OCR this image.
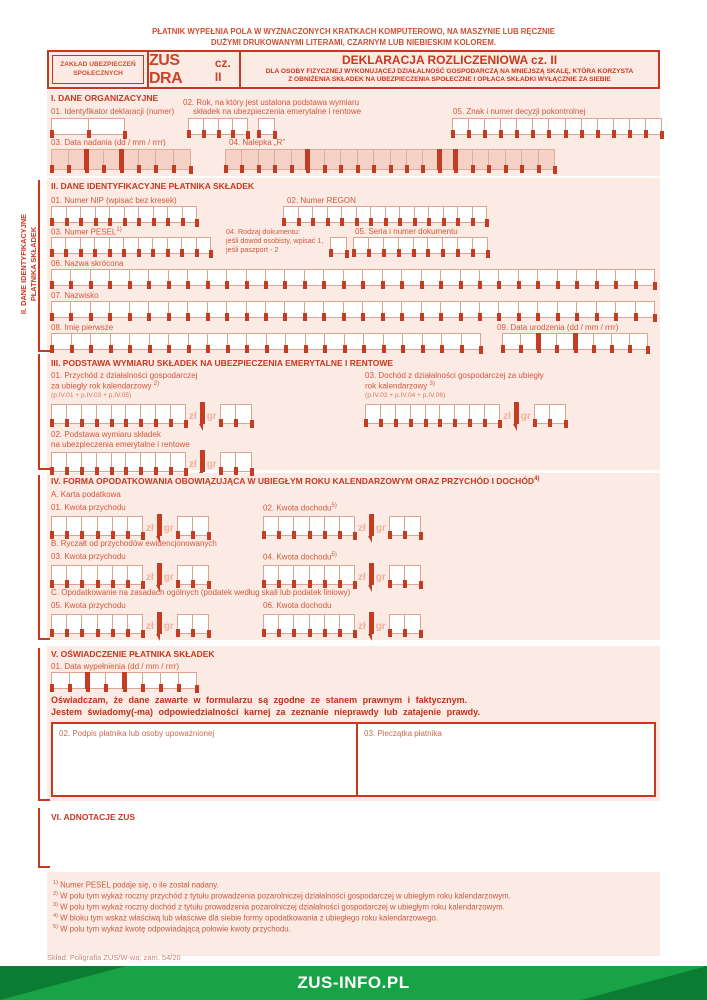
PŁATNIK WYPEŁNIA POLA W WYZNACZONYCH KRATKACH KOMPUTEROWO, NA MASZYNIE LUB RĘCZNIE
DUŻYMI DRUKOWANYMI LITERAMI, CZARNYM LUB NIEBIESKIM KOLOREM.
ZAKŁAD UBEZPIECZEŃ
SPOŁECZNYCH
ZUS DRA
cz. II
DEKLARACJA ROZLICZENIOWA cz. II
DLA OSOBY FIZYCZNEJ WYKONUJĄCEJ DZIAŁALNOŚĆ GOSPODARCZĄ NA MNIEJSZĄ SKALĘ, KTÓRA KORZYSTA
Z OBNIŻENIA SKŁADEK NA UBEZPIECZENIA SPOŁECZNE I OPŁACA SKŁADKI WYŁĄCZNIE ZA SIEBIE
I. DANE ORGANIZACYJNE
01. Identyfikator deklaracji (numer)
02. Rok, na który jest ustalona podstawa wymiaru
składek na ubezpieczenia emerytalne i rentowe	05. Znak i numer decyzji pokontrolnej
03. Data nadania (dd / mm / rrrr)	04. Nalepka „R”
II. DANE IDENTYFIKACYJNE PŁATNIKA SKŁADEK
II. DANE IDENTYFIKACYJNE PŁATNIKA SKŁADEK
01. Numer NIP (wpisać bez kresek)	02. Numer REGON
03. Numer PESEL$^{1)}$	04. Rodzaj dokumentu:
jeśli dowód osobisty, wpisać 1,
jeśli paszport - 2
05. Seria i numer dokumentu
06. Nazwa skrócona
07. Nazwisko
08. Imię pierwsze	09. Data urodzenia (dd / mm / rrrr)
III. PODSTAWA WYMIARU SKŁADEK NA UBEZPIECZENIA EMERYTALNE I RENTOWE
01. Przychód z działalności gospodarczej
za ubiegły rok kalendarzowy $^{2)}$
(p.IV.01 + p.IV.03 + p.IV.05)
zł gr
03. Dochód z działalności gospodarczej za ubiegły
rok kalendarzowy $^{3)}$
(p.IV.02 + p.IV.04 + p.IV.06)
zł gr
02. Podstawa wymiaru składek
na ubezpieczenia emerytalne i rentowe
zł gr
IV. FORMA OPODATKOWANIA OBOWIĄZUJĄCA W UBIEGŁYM ROKU KALENDARZOWYM ORAZ PRZYCHÓD I DOCHÓD$^{4)}$
A. Karta podatkowa
01. Kwota przychodu
zł gr
02. Kwota dochodu$^{5)}$
zł gr
B. Ryczałt od przychodów ewidencjonowanych
03. Kwota przychodu
zł gr
04. Kwota dochodu$^{5)}$
zł gr
C. Opodatkowanie na zasadach ogólnych (podatek według skali lub podatek liniowy)
05. Kwota przychodu
zł gr
06. Kwota dochodu
zł gr
V. OŚWIADCZENIE PŁATNIKA SKŁADEK
01. Data wypełnienia (dd / mm / rrrr)
Oświadczam, że dane zawarte w formularzu są zgodne ze stanem prawnym i faktycznym.
Jestem świadomy(-ma) odpowiedzialności karnej za zeznanie nieprawdy lub zatajenie prawdy.
02. Podpis płatnika lub osoby upoważnionej	03. Pieczątka płatnika
VI. ADNOTACJE ZUS
$^{1)}$ Numer PESEL podaje się, o ile został nadany.
$^{2)}$ W polu tym wykaż roczny przychód z tytułu prowadzenia pozarolniczej działalności gospodarczej w ubiegłym roku kalendarzowym.
$^{3)}$ W polu tym wykaż roczny dochód z tytułu prowadzenia pozarolniczej działalności gospodarczej w ubiegłym roku kalendarzowym.
$^{4)}$ W bloku tym wskaż właściwą lub właściwe dla siebie formy opodatkowania z ubiegłego roku kalendarzowego.
$^{5)}$ W polu tym wykaż kwotę odpowiadającą połowie kwoty przychodu.
Skład: Poligrafia ZUS/W-wa; zam. 54/20
ZUS-INFO.PL
